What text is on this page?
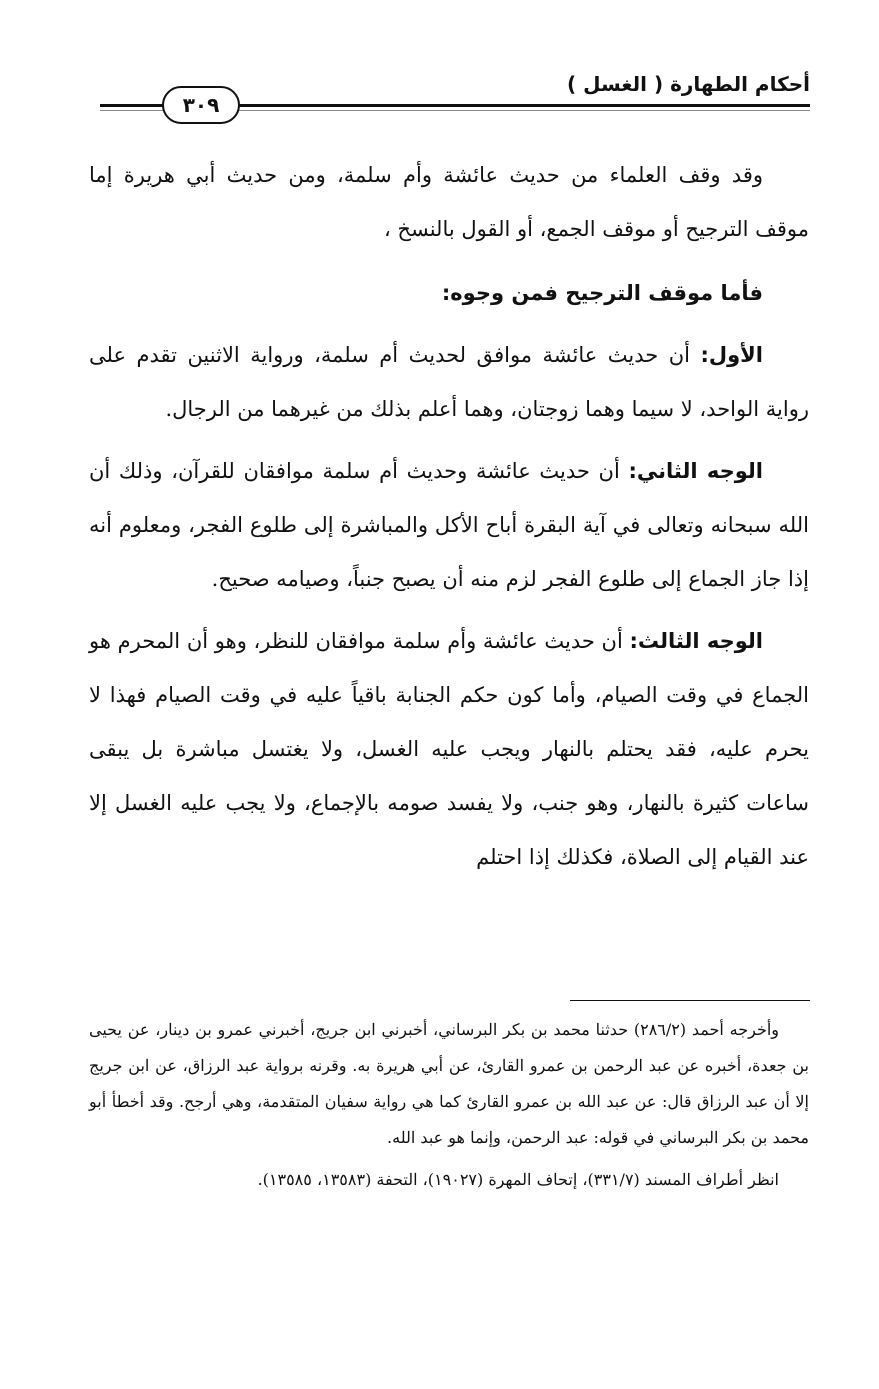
أحكام الطهارة ( الغسل )
٣٠٩

وقد وقف العلماء من حديث عائشة وأم سلمة، ومن حديث أبي هريرة إما موقف الترجيح أو موقف الجمع، أو القول بالنسخ ،

فأما موقف الترجيح فمن وجوه:

الأول: أن حديث عائشة موافق لحديث أم سلمة، ورواية الاثنين تقدم على رواية الواحد، لا سيما وهما زوجتان، وهما أعلم بذلك من غيرهما من الرجال.

الوجه الثاني: أن حديث عائشة وحديث أم سلمة موافقان للقرآن، وذلك أن الله سبحانه وتعالى في آية البقرة أباح الأكل والمباشرة إلى طلوع الفجر، ومعلوم أنه إذا جاز الجماع إلى طلوع الفجر لزم منه أن يصبح جنباً، وصيامه صحيح.

الوجه الثالث: أن حديث عائشة وأم سلمة موافقان للنظر، وهو أن المحرم هو الجماع في وقت الصيام، وأما كون حكم الجنابة باقياً عليه في وقت الصيام فهذا لا يحرم عليه، فقد يحتلم بالنهار ويجب عليه الغسل، ولا يغتسل مباشرة بل يبقى ساعات كثيرة بالنهار، وهو جنب، ولا يفسد صومه بالإجماع، ولا يجب عليه الغسل إلا عند القيام إلى الصلاة، فكذلك إذا احتلم

وأخرجه أحمد (٢٨٦/٢) حدثنا محمد بن بكر البرساني، أخبرني ابن جريج، أخبرني عمرو بن دينار، عن يحيى بن جعدة، أخبره عن عبد الرحمن بن عمرو القارئ، عن أبي هريرة به. وقرنه برواية عبد الرزاق، عن ابن جريج إلا أن عبد الرزاق قال: عن عبد الله بن عمرو القارئ كما هي رواية سفيان المتقدمة، وهي أرجح. وقد أخطأ أبو محمد بن بكر البرساني في قوله: عبد الرحمن، وإنما هو عبد الله.

انظر أطراف المسند (٣٣١/٧)، إتحاف المهرة (١٩٠٢٧)، التحفة (١٣٥٨٣، ١٣٥٨٥).
